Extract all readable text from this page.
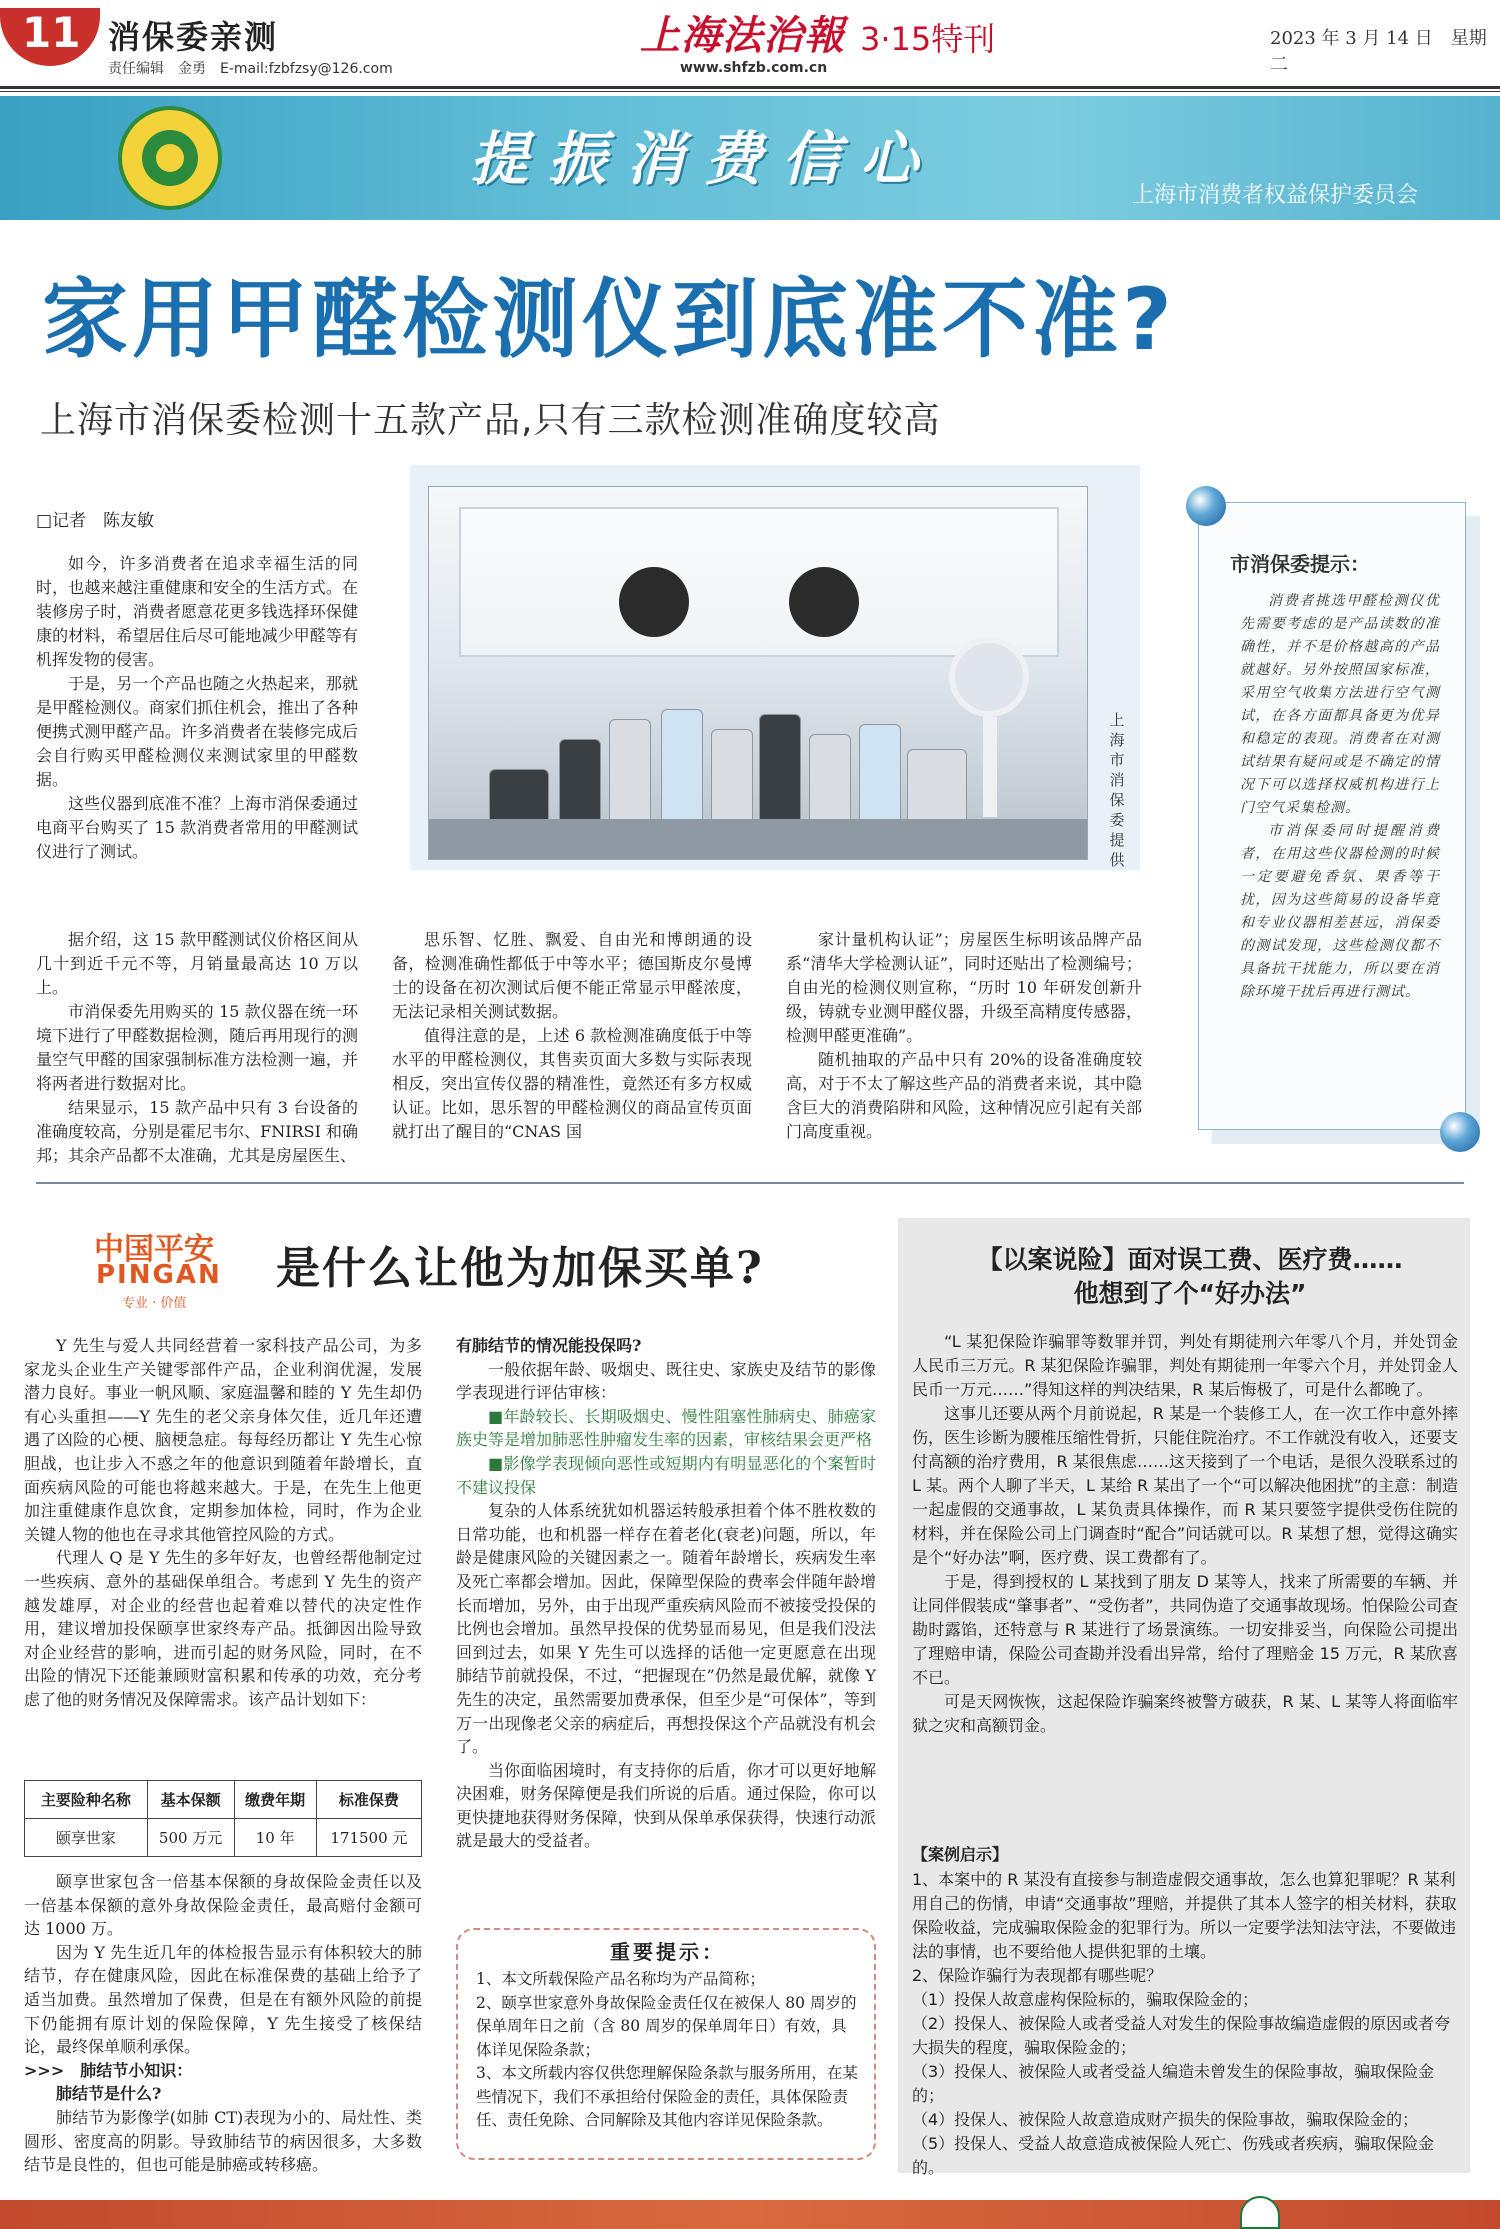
11 消保委亲测
责任编辑　金勇　E-mail:fzbfzsy@126.com
上海法治報 3·15特刊
www.shfzb.com.cn
2023 年 3 月 14 日　星期二
提振消费信心
上海市消费者权益保护委员会
家用甲醛检测仪到底准不准?
上海市消保委检测十五款产品,只有三款检测准确度较高
□记者　陈友敏

如今，许多消费者在追求幸福生活的同时，也越来越注重健康和安全的生活方式。在装修房子时，消费者愿意花更多钱选择环保健康的材料，希望居住后尽可能地减少甲醛等有机挥发物的侵害。

于是，另一个产品也随之火热起来，那就是甲醛检测仪。商家们抓住机会，推出了各种便携式测甲醛产品。许多消费者在装修完成后会自行购买甲醛检测仪来测试家里的甲醛数据。

这些仪器到底准不准？上海市消保委通过电商平台购买了 15 款消费者常用的甲醛测试仪进行了测试。

上海市消保委提供

据介绍，这 15 款甲醛测试仪价格区间从几十到近千元不等，月销量最高达 10 万以上。

市消保委先用购买的 15 款仪器在统一环境下进行了甲醛数据检测，随后再用现行的测量空气甲醛的国家强制标准方法检测一遍，并将两者进行数据对比。

结果显示，15 款产品中只有 3 台设备的准确度较高，分别是霍尼韦尔、FNIRSI 和确邦；其余产品都不太准确，尤其是房屋医生、

思乐智、忆胜、飘爱、自由光和博朗通的设备，检测准确性都低于中等水平；德国斯皮尔曼博士的设备在初次测试后便不能正常显示甲醛浓度，无法记录相关测试数据。

值得注意的是，上述 6 款检测准确度低于中等水平的甲醛检测仪，其售卖页面大多数与实际表现相反，突出宣传仪器的精准性，竟然还有多方权威认证。比如，思乐智的甲醛检测仪的商品宣传页面就打出了醒目的“CNAS 国

家计量机构认证”；房屋医生标明该品牌产品系“清华大学检测认证”，同时还贴出了检测编号；自由光的检测仪则宣称，“历时 10 年研发创新升级，铸就专业测甲醛仪器，升级至高精度传感器，检测甲醛更准确”。

随机抽取的产品中只有 20%的设备准确度较高，对于不太了解这些产品的消费者来说，其中隐含巨大的消费陷阱和风险，这种情况应引起有关部门高度重视。

市消保委提示：

消费者挑选甲醛检测仪优先需要考虑的是产品读数的准确性，并不是价格越高的产品就越好。另外按照国家标准，采用空气收集方法进行空气测试，在各方面都具备更为优异和稳定的表现。消费者在对测试结果有疑问或是不确定的情况下可以选择权威机构进行上门空气采集检测。

市消保委同时提醒消费者，在用这些仪器检测的时候一定要避免香氛、果香等干扰，因为这些简易的设备毕竟和专业仪器相差甚远，消保委的测试发现，这些检测仪都不具备抗干扰能力，所以要在消除环境干扰后再进行测试。

中国平安
PINGAN
专业 · 价值
是什么让他为加保买单?

Y 先生与爱人共同经营着一家科技产品公司，为多家龙头企业生产关键零部件产品，企业利润优渥，发展潜力良好。事业一帆风顺、家庭温馨和睦的 Y 先生却仍有心头重担——Y 先生的老父亲身体欠佳，近几年还遭遇了凶险的心梗、脑梗急症。每每经历都让 Y 先生心惊胆战，也让步入不惑之年的他意识到随着年龄增长，直面疾病风险的可能也将越来越大。于是，在先生上他更加注重健康作息饮食，定期参加体检，同时，作为企业关键人物的他也在寻求其他管控风险的方式。

代理人 Q 是 Y 先生的多年好友，也曾经帮他制定过一些疾病、意外的基础保单组合。考虑到 Y 先生的资产越发雄厚，对企业的经营也起着难以替代的决定性作用，建议增加投保颐享世家终寿产品。抵御因出险导致对企业经营的影响，进而引起的财务风险，同时，在不出险的情况下还能兼顾财富积累和传承的功效，充分考虑了他的财务情况及保障需求。该产品计划如下：

主要险种名称	基本保额	缴费年期	标准保费
颐享世家	500 万元	10 年	171500 元

颐享世家包含一倍基本保额的身故保险金责任以及一倍基本保额的意外身故保险金责任，最高赔付金额可达 1000 万。

因为 Y 先生近几年的体检报告显示有体积较大的肺结节，存在健康风险，因此在标准保费的基础上给予了适当加费。虽然增加了保费，但是在有额外风险的前提下仍能拥有原计划的保险保障，Y 先生接受了核保结论，最终保单顺利承保。

>>>　肺结节小知识：

肺结节是什么?

肺结节为影像学(如肺 CT)表现为小的、局灶性、类圆形、密度高的阴影。导致肺结节的病因很多，大多数结节是良性的，但也可能是肺癌或转移癌。

有肺结节的情况能投保吗?

一般依据年龄、吸烟史、既往史、家族史及结节的影像学表现进行评估审核：

■年龄较长、长期吸烟史、慢性阻塞性肺病史、肺癌家族史等是增加肺恶性肿瘤发生率的因素，审核结果会更严格

■影像学表现倾向恶性或短期内有明显恶化的个案暂时不建议投保

复杂的人体系统犹如机器运转般承担着个体不胜枚数的日常功能，也和机器一样存在着老化(衰老)问题，所以，年龄是健康风险的关键因素之一。随着年龄增长，疾病发生率及死亡率都会增加。因此，保障型保险的费率会伴随年龄增长而增加，另外，由于出现严重疾病风险而不被接受投保的比例也会增加。虽然早投保的优势显而易见，但是我们没法回到过去，如果 Y 先生可以选择的话他一定更愿意在出现肺结节前就投保，不过，“把握现在”仍然是最优解，就像 Y 先生的决定，虽然需要加费承保，但至少是“可保体”，等到万一出现像老父亲的病症后，再想投保这个产品就没有机会了。

当你面临困境时，有支持你的后盾，你才可以更好地解决困难，财务保障便是我们所说的后盾。通过保险，你可以更快捷地获得财务保障，快到从保单承保获得，快速行动派就是最大的受益者。

重要提示：
1、本文所载保险产品名称均为产品简称；
2、颐享世家意外身故保险金责任仅在被保人 80 周岁的保单周年日之前（含 80 周岁的保单周年日）有效，具体详见保险条款；
3、本文所载内容仅供您理解保险条款与服务所用，在某些情况下，我们不承担给付保险金的责任，具体保险责任、责任免除、合同解除及其他内容详见保险条款。
【以案说险】面对误工费、医疗费……
他想到了个“好办法”

“L 某犯保险诈骗罪等数罪并罚，判处有期徒刑六年零八个月，并处罚金人民币三万元。R 某犯保险诈骗罪，判处有期徒刑一年零六个月，并处罚金人民币一万元……”得知这样的判决结果，R 某后悔极了，可是什么都晚了。

这事儿还要从两个月前说起，R 某是一个装修工人，在一次工作中意外摔伤，医生诊断为腰椎压缩性骨折，只能住院治疗。不工作就没有收入，还要支付高额的治疗费用，R 某很焦虑……这天接到了一个电话，是很久没联系过的 L 某。两个人聊了半天，L 某给 R 某出了一个“可以解决他困扰”的主意：制造一起虚假的交通事故，L 某负责具体操作，而 R 某只要签字提供受伤住院的材料，并在保险公司上门调查时“配合”问话就可以。R 某想了想，觉得这确实是个“好办法”啊，医疗费、误工费都有了。

于是，得到授权的 L 某找到了朋友 D 某等人，找来了所需要的车辆、并让同伴假装成“肇事者”、“受伤者”，共同伪造了交通事故现场。怕保险公司查勘时露馅，还特意与 R 某进行了场景演练。一切安排妥当，向保险公司提出了理赔申请，保险公司查勘并没看出异常，给付了理赔金 15 万元，R 某欣喜不已。

可是天网恢恢，这起保险诈骗案终被警方破获，R 某、L 某等人将面临牢狱之灾和高额罚金。

【案例启示】
1、本案中的 R 某没有直接参与制造虚假交通事故，怎么也算犯罪呢？R 某利用自己的伤情，申请“交通事故”理赔，并提供了其本人签字的相关材料，获取保险收益，完成骗取保险金的犯罪行为。所以一定要学法知法守法，不要做违法的事情，也不要给他人提供犯罪的土壤。
2、保险诈骗行为表现都有哪些呢？
（1）投保人故意虚构保险标的，骗取保险金的；
（2）投保人、被保险人或者受益人对发生的保险事故编造虚假的原因或者夸大损失的程度，骗取保险金的；
（3）投保人、被保险人或者受益人编造未曾发生的保险事故，骗取保险金的；
（4）投保人、被保险人故意造成财产损失的保险事故，骗取保险金的；
（5）投保人、受益人故意造成被保险人死亡、伤残或者疾病，骗取保险金的。
